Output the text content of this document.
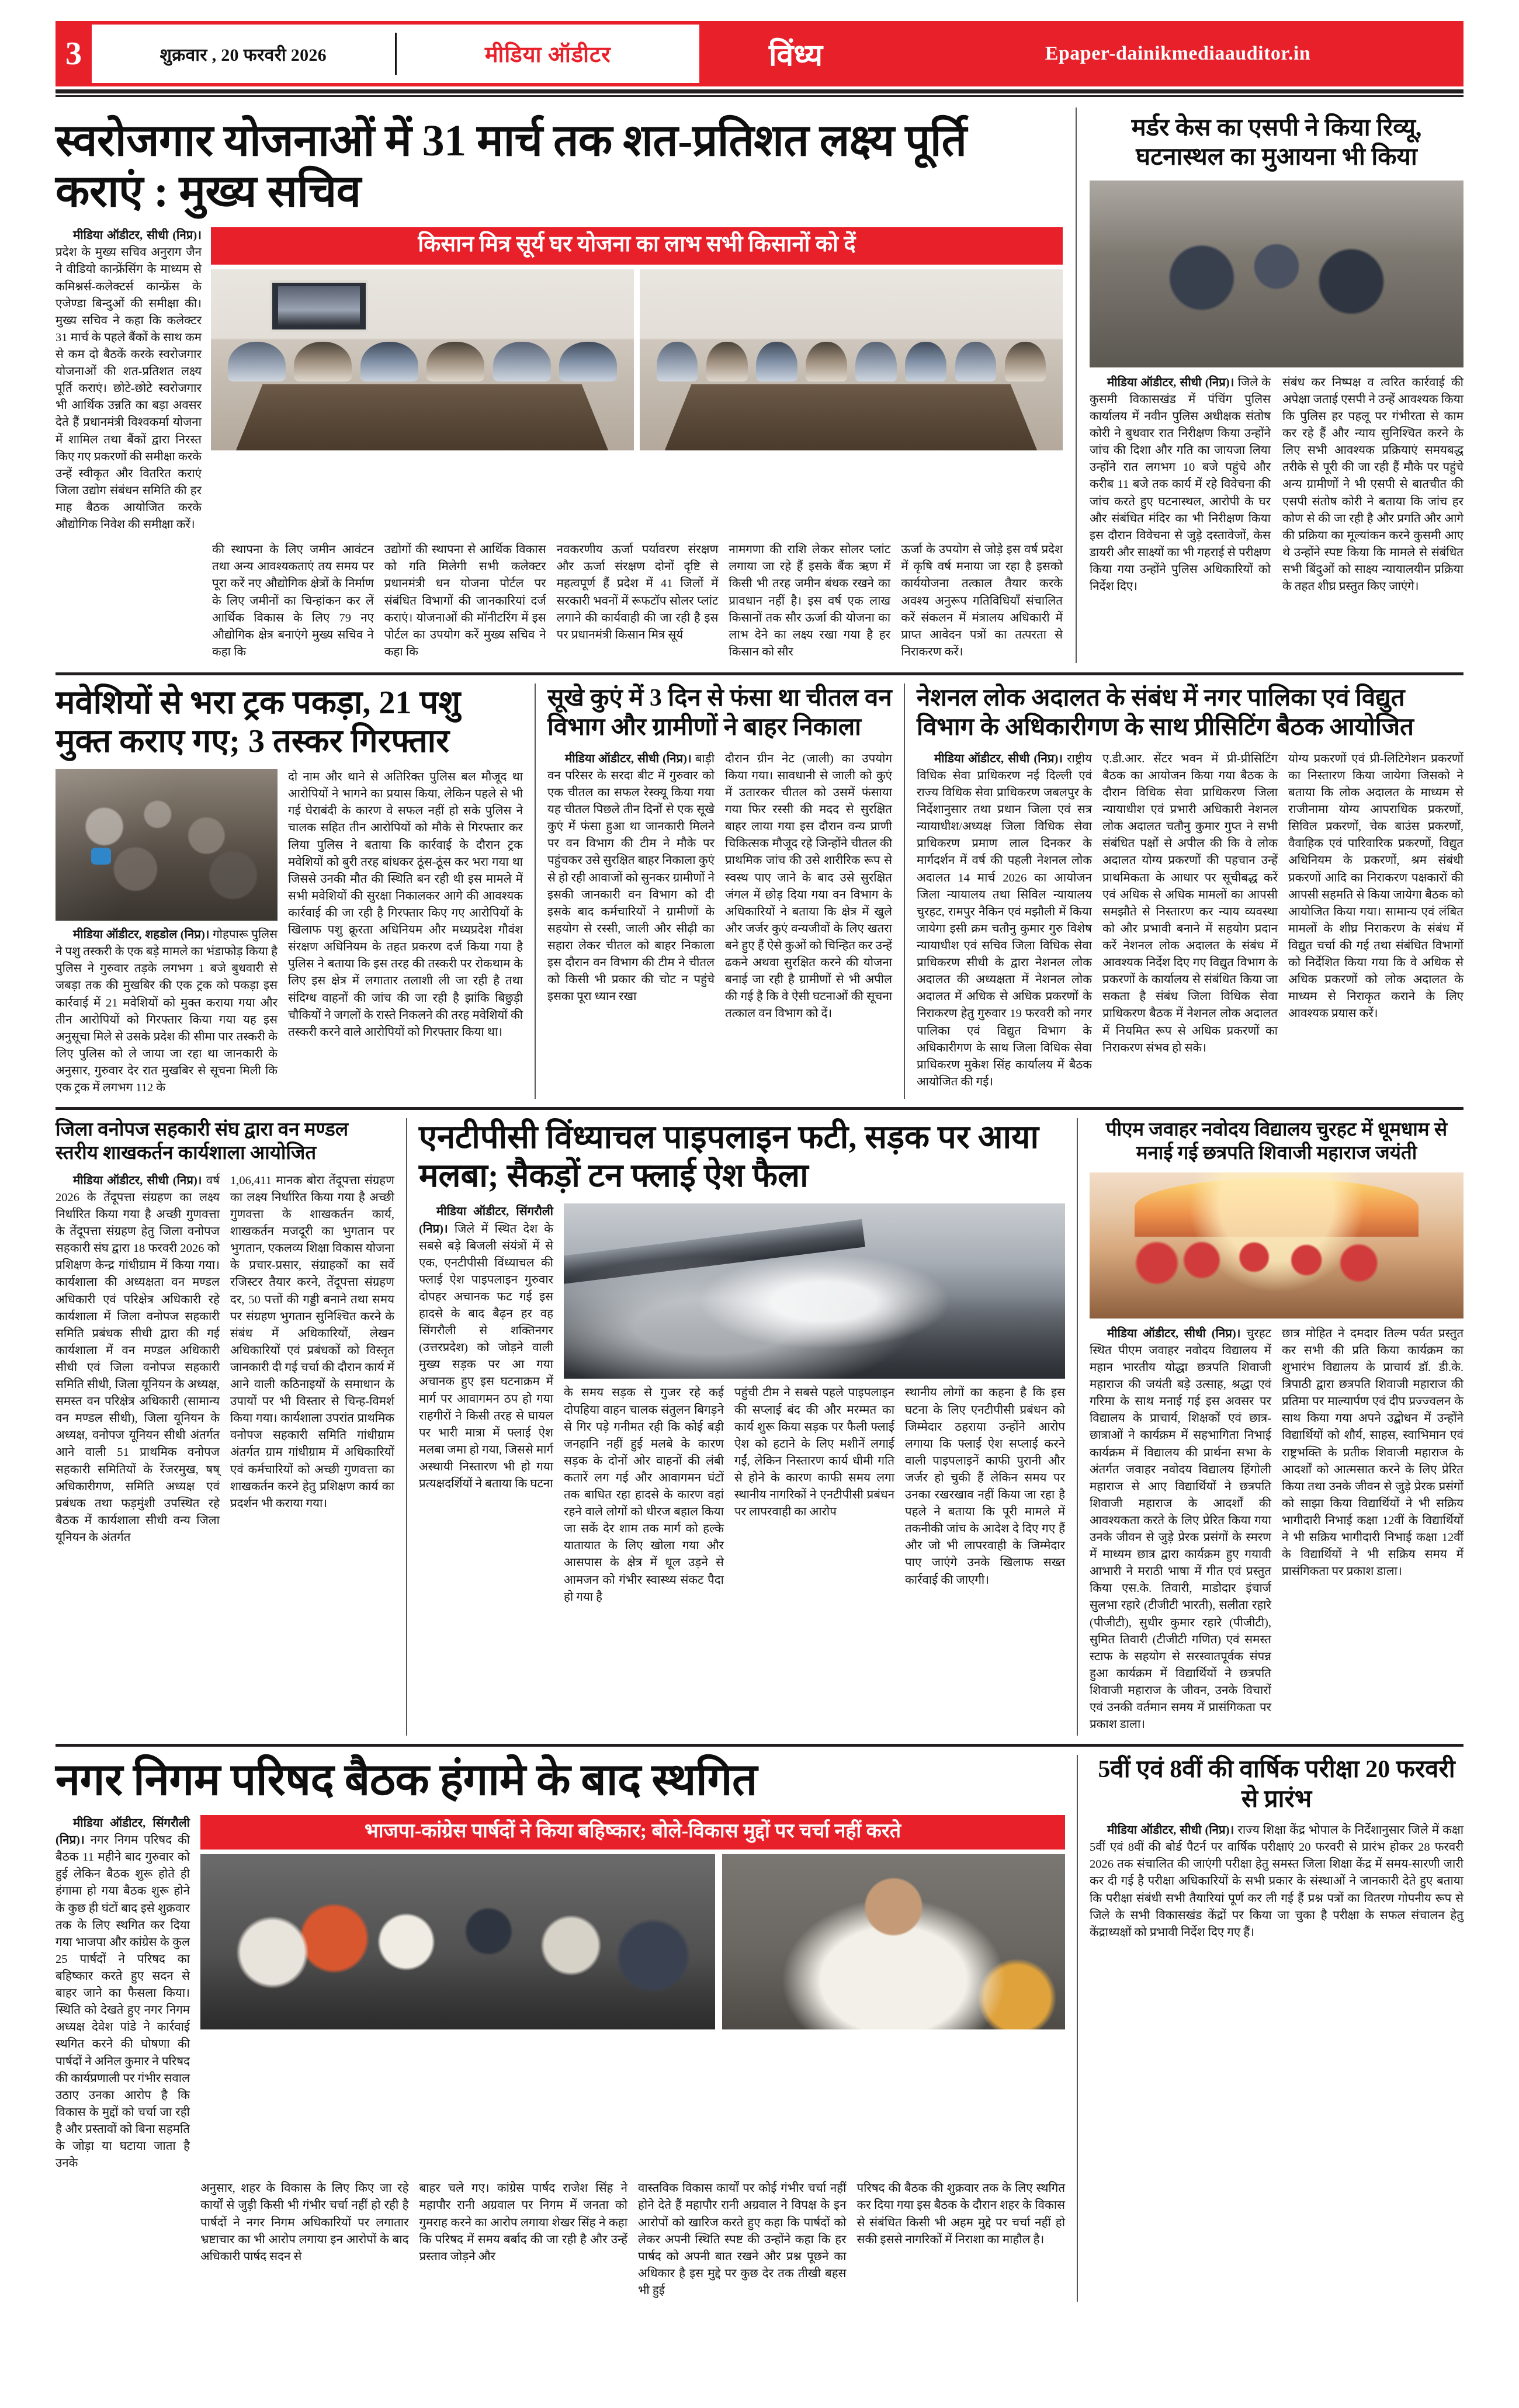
3	शुक्रवार , 20 फरवरी 2026	मीडिया ऑडीटर	विंध्य	Epaper-dainikmediaauditor.in
स्वरोजगार योजनाओं में 31 मार्च तक शत-प्रतिशत लक्ष्य पूर्ति कराएं : मुख्य सचिव

मीडिया ऑडीटर, सीधी (निप्र)। प्रदेश के मुख्य सचिव अनुराग जैन ने वीडियो कान्फ्रेंसिंग के माध्यम से कमिश्नर्स-कलेक्टर्स कान्फ्रेंस के एजेण्डा बिन्दुओं की समीक्षा की। मुख्य सचिव ने कहा कि कलेक्टर 31 मार्च के पहले बैंकों के साथ कम से कम दो बैठकें करके स्वरोजगार योजनाओं की शत-प्रतिशत लक्ष्य पूर्ति कराएं। छोटे-छोटे स्वरोजगार भी आर्थिक उन्नति का बड़ा अवसर देते हैं प्रधानमंत्री विश्वकर्मा योजना में शामिल तथा बैंकों द्वारा निरस्त किए गए प्रकरणों की समीक्षा करके उन्हें स्वीकृत और वितरित कराएं जिला उद्योग संबंधन समिति की हर माह बैठक आयोजित करके औद्योगिक निवेश की समीक्षा करें।

किसान मित्र सूर्य घर योजना का लाभ सभी किसानों को दें

की स्थापना के लिए जमीन आवंटन तथा अन्य आवश्यकताएं तय समय पर पूरा करें नए औद्योगिक क्षेत्रों के निर्माण के लिए जमीनों का चिन्हांकन कर लें आर्थिक विकास के लिए 79 नए औद्योगिक क्षेत्र बनाएंगे मुख्य सचिव ने कहा कि

उद्योगों की स्थापना से आर्थिक विकास को गति मिलेगी सभी कलेक्टर प्रधानमंत्री धन योजना पोर्टल पर संबंधित विभागों की जानकारियां दर्ज कराएं। योजनाओं की मॉनीटरिंग में इस पोर्टल का उपयोग करें मुख्य सचिव ने कहा कि

नवकरणीय ऊर्जा पर्यावरण संरक्षण और ऊर्जा संरक्षण दोनों दृष्टि से महत्वपूर्ण हैं प्रदेश में 41 जिलों में सरकारी भवनों में रूफटॉप सोलर प्लांट लगाने की कार्यवाही की जा रही है इस पर प्रधानमंत्री किसान मित्र सूर्य

नामगणा की राशि लेकर सोलर प्लांट लगाया जा रहे हैं इसके बैंक ऋण में किसी भी तरह जमीन बंधक रखने का प्रावधान नहीं है। इस वर्ष एक लाख किसानों तक सौर ऊर्जा की योजना का लाभ देने का लक्ष्य रखा गया है हर किसान को सौर

ऊर्जा के उपयोग से जोड़े इस वर्ष प्रदेश में कृषि वर्ष मनाया जा रहा है इसको कार्ययोजना तत्काल तैयार करके अवश्य अनुरूप गतिविधियाँ संचालित करें संकलन में मंत्रालय अधिकारी में प्राप्त आवेदन पत्रों का तत्परता से निराकरण करें।

मर्डर केस का एसपी ने किया रिव्यू, घटनास्थल का मुआयना भी किया

मीडिया ऑडीटर, सीधी (निप्र)। जिले के कुसमी विकासखंड में पंचिंग पुलिस कार्यालय में नवीन पुलिस अधीक्षक संतोष कोरी ने बुधवार रात निरीक्षण किया उन्होंने जांच की दिशा और गति का जायजा लिया उन्होंने रात लगभग 10 बजे पहुंचे और करीब 11 बजे तक कार्य में रहे विवेचना की जांच करते हुए घटनास्थल, आरोपी के घर और संबंधित मंदिर का भी निरीक्षण किया इस दौरान विवेचना से जुड़े दस्तावेजों, केस डायरी और साक्ष्यों का भी गहराई से परीक्षण किया गया उन्होंने पुलिस अधिकारियों को निर्देश दिए।

संबंध कर निष्पक्ष व त्वरित कार्रवाई की अपेक्षा जताई एसपी ने उन्हें आवश्यक किया कि पुलिस हर पहलू पर गंभीरता से काम कर रहे हैं और न्याय सुनिश्चित करने के लिए सभी आवश्यक प्रक्रियाएं समयबद्ध तरीके से पूरी की जा रही हैं मौके पर पहुंचे अन्य ग्रामीणों ने भी एसपी से बातचीत की एसपी संतोष कोरी ने बताया कि जांच हर कोण से की जा रही है और प्रगति और आगे की प्रक्रिया का मूल्यांकन करने कुसमी आए थे उन्होंने स्पष्ट किया कि मामले से संबंधित सभी बिंदुओं को साक्ष्य न्यायालयीन प्रक्रिया के तहत शीघ्र प्रस्तुत किए जाएंगे।

मवेशियों से भरा ट्रक पकड़ा, 21 पशु मुक्त कराए गए; 3 तस्कर गिरफ्तार

मीडिया ऑडीटर, शहडोल (निप्र)। गोहपारू पुलिस ने पशु तस्करी के एक बड़े मामले का भंडाफोड़ किया है पुलिस ने गुरुवार तड़के लगभग 1 बजे बुधवारी से जबड़ा तक की मुखबिर की एक ट्रक को पकड़ा इस कार्रवाई में 21 मवेशियों को मुक्त कराया गया और तीन आरोपियों को गिरफ्तार किया गया यह इस अनुसूचा मिले से उसके प्रदेश की सीमा पार तस्करी के लिए पुलिस को ले जाया जा रहा था जानकारी के अनुसार, गुरुवार देर रात मुखबिर से सूचना मिली कि एक ट्रक में लगभग 112 के

दो नाम और थाने से अतिरिक्त पुलिस बल मौजूद था आरोपियों ने भागने का प्रयास किया, लेकिन पहले से भी गई घेराबंदी के कारण वे सफल नहीं हो सके पुलिस ने चालक सहित तीन आरोपियों को मौके से गिरफ्तार कर लिया पुलिस ने बताया कि कार्रवाई के दौरान ट्रक मवेशियों को बुरी तरह बांधकर ठूंस-ठूंस कर भरा गया था जिससे उनकी मौत की स्थिति बन रही थी इस मामले में सभी मवेशियों की सुरक्षा निकालकर आगे की आवश्यक कार्रवाई की जा रही है गिरफ्तार किए गए आरोपियों के खिलाफ पशु क्रूरता अधिनियम और मध्यप्रदेश गौवंश संरक्षण अधिनियम के तहत प्रकरण दर्ज किया गया है पुलिस ने बताया कि इस तरह की तस्करी पर रोकथाम के लिए इस क्षेत्र में लगातार तलाशी ली जा रही है तथा संदिग्ध वाहनों की जांच की जा रही है झांकि बिछुड़ी चौकियों ने जगलों के रास्ते निकलने की तरह मवेशियों की तस्करी करने वाले आरोपियों को गिरफ्तार किया था।

सूखे कुएं में 3 दिन से फंसा था चीतल वन विभाग और ग्रामीणों ने बाहर निकाला

मीडिया ऑडीटर, सीधी (निप्र)। बाड़ी वन परिसर के सरदा बीट में गुरुवार को एक चीतल का सफल रेस्क्यू किया गया यह चीतल पिछले तीन दिनों से एक सूखे कुएं में फंसा हुआ था जानकारी मिलने पर वन विभाग की टीम ने मौके पर पहुंचकर उसे सुरक्षित बाहर निकाला कुएं से हो रही आवाजों को सुनकर ग्रामीणों ने इसकी जानकारी वन विभाग को दी इसके बाद कर्मचारियों ने ग्रामीणों के सहयोग से रस्सी, जाली और सीढ़ी का सहारा लेकर चीतल को बाहर निकाला इस दौरान वन विभाग की टीम ने चीतल को किसी भी प्रकार की चोट न पहुंचे इसका पूरा ध्यान रखा

दौरान ग्रीन नेट (जाली) का उपयोग किया गया। सावधानी से जाली को कुएं में उतारकर चीतल को उसमें फंसाया गया फिर रस्सी की मदद से सुरक्षित बाहर लाया गया इस दौरान वन्य प्राणी चिकित्सक मौजूद रहे जिन्होंने चीतल की प्राथमिक जांच की उसे शारीरिक रूप से स्वस्थ पाए जाने के बाद उसे सुरक्षित जंगल में छोड़ दिया गया वन विभाग के अधिकारियों ने बताया कि क्षेत्र में खुले और जर्जर कुएं वन्यजीवों के लिए खतरा बने हुए हैं ऐसे कुओं को चिन्हित कर उन्हें ढकने अथवा सुरक्षित करने की योजना बनाई जा रही है ग्रामीणों से भी अपील की गई है कि वे ऐसी घटनाओं की सूचना तत्काल वन विभाग को दें।

नेशनल लोक अदालत के संबंध में नगर पालिका एवं विद्युत विभाग के अधिकारीगण के साथ प्रीसिटिंग बैठक आयोजित

मीडिया ऑडीटर, सीधी (निप्र)। राष्ट्रीय विधिक सेवा प्राधिकरण नई दिल्ली एवं राज्य विधिक सेवा प्राधिकरण जबलपुर के निर्देशानुसार तथा प्रधान जिला एवं सत्र न्यायाधीश/अध्यक्ष जिला विधिक सेवा प्राधिकरण प्रमाण लाल दिनकर के मार्गदर्शन में वर्ष की पहली नेशनल लोक अदालत 14 मार्च 2026 का आयोजन जिला न्यायालय तथा सिविल न्यायालय चुरहट, रामपुर नैकिन एवं मझौली में किया जायेगा इसी क्रम चतौनु कुमार गुरु विशेष न्यायाधीश एवं सचिव जिला विधिक सेवा प्राधिकरण सीधी के द्वारा नेशनल लोक अदालत की अध्यक्षता में नेशनल लोक अदालत में अधिक से अधिक प्रकरणों के निराकरण हेतु गुरुवार 19 फरवरी को नगर पालिका एवं विद्युत विभाग के अधिकारीगण के साथ जिला विधिक सेवा प्राधिकरण मुकेश सिंह कार्यालय में बैठक आयोजित की गई।

ए.डी.आर. सेंटर भवन में प्री-प्रीसिटिंग बैठक का आयोजन किया गया बैठक के दौरान विधिक सेवा प्राधिकरण जिला न्यायाधीश एवं प्रभारी अधिकारी नेशनल लोक अदालत चतौनु कुमार गुप्त ने सभी संबंधित पक्षों से अपील की कि वे लोक अदालत योग्य प्रकरणों की पहचान उन्हें प्राथमिकता के आधार पर सूचीबद्ध करें एवं अधिक से अधिक मामलों का आपसी समझौते से निस्तारण कर न्याय व्यवस्था को और प्रभावी बनाने में सहयोग प्रदान करें नेशनल लोक अदालत के संबंध में आवश्यक निर्देश दिए गए विद्युत विभाग के प्रकरणों के कार्यालय से संबंधित किया जा सकता है संबंध जिला विधिक सेवा प्राधिकरण बैठक में नेशनल लोक अदालत में नियमित रूप से अधिक प्रकरणों का निराकरण संभव हो सके।

योग्य प्रकरणों एवं प्री-लिटिगेशन प्रकरणों का निस्तारण किया जायेगा जिसको ने बताया कि लोक अदालत के माध्यम से राजीनामा योग्य आपराधिक प्रकरणों, सिविल प्रकरणों, चेक बाउंस प्रकरणों, वैवाहिक एवं पारिवारिक प्रकरणों, विद्युत अधिनियम के प्रकरणों, श्रम संबंधी प्रकरणों आदि का निराकरण पक्षकारों की आपसी सहमति से किया जायेगा बैठक को आयोजित किया गया। सामान्य एवं लंबित मामलों के शीघ्र निराकरण के संबंध में विद्युत चर्चा की गई तथा संबंधित विभागों को निर्देशित किया गया कि वे अधिक से अधिक प्रकरणों को लोक अदालत के माध्यम से निराकृत कराने के लिए आवश्यक प्रयास करें।

जिला वनोपज सहकारी संघ द्वारा वन मण्डल स्तरीय शाखकर्तन कार्यशाला आयोजित

मीडिया ऑडीटर, सीधी (निप्र)। वर्ष 2026 के तेंदूपत्ता संग्रहण का लक्ष्य निर्धारित किया गया है अच्छी गुणवत्ता के तेंदूपत्ता संग्रहण हेतु जिला वनोपज सहकारी संघ द्वारा 18 फरवरी 2026 को प्रशिक्षण केन्द्र गांधीग्राम में किया गया। कार्यशाला की अध्यक्षता वन मण्डल अधिकारी एवं परिक्षेत्र अधिकारी रहे कार्यशाला में जिला वनोपज सहकारी समिति प्रबंधक सीधी द्वारा की गई कार्यशाला में वन मण्डल अधिकारी सीधी एवं जिला वनोपज सहकारी समिति सीधी, जिला यूनियन के अध्यक्ष, समस्त वन परिक्षेत्र अधिकारी (सामान्य वन मण्डल सीधी), जिला यूनियन के अध्यक्ष, वनोपज यूनियन सीधी अंतर्गत आने वाली 51 प्राथमिक वनोपज सहकारी समितियों के रेंजरमुख, षष् अधिकारीगण, समिति अध्यक्ष एवं प्रबंधक तथा फड़मुंशी उपस्थित रहे बैठक में कार्यशाला सीधी वन्य जिला यूनियन के अंतर्गत

1,06,411 मानक बोरा तेंदूपत्ता संग्रहण का लक्ष्य निर्धारित किया गया है अच्छी गुणवत्ता के शाखकर्तन कार्य, शाखकर्तन मजदूरी का भुगतान पर भुगतान, एकलव्य शिक्षा विकास योजना के प्रचार-प्रसार, संग्राहकों का सर्वे रजिस्टर तैयार करने, तेंदूपत्ता संग्रहण दर, 50 पत्तों की गड्डी बनाने तथा समय पर संग्रहण भुगतान सुनिश्चित करने के संबंध में अधिकारियों, लेखन अधिकारियों एवं प्रबंधकों को विस्तृत जानकारी दी गई चर्चा की दौरान कार्य में आने वाली कठिनाइयों के समाधान के उपायों पर भी विस्तार से चिन्ह-विमर्श किया गया। कार्यशाला उपरांत प्राथमिक वनोपज सहकारी समिति गांधीग्राम अंतर्गत ग्राम गांधीग्राम में अधिकारियों एवं कर्मचारियों को अच्छी गुणवत्ता का शाखकर्तन करने हेतु प्रशिक्षण कार्य का प्रदर्शन भी कराया गया।

एनटीपीसी विंध्याचल पाइपलाइन फटी, सड़क पर आया मलबा; सैकड़ों टन फ्लाई ऐश फैला

मीडिया ऑडीटर, सिंगरौली (निप्र)। जिले में स्थित देश के सबसे बड़े बिजली संयंत्रों में से एक, एनटीपीसी विंध्याचल की फ्लाई ऐश पाइपलाइन गुरुवार दोपहर अचानक फट गई इस हादसे के बाद बैढ़न हर वह सिंगरौली से शक्तिनगर (उत्तरप्रदेश) को जोड़ने वाली मुख्य सड़क पर आ गया अचानक हुए इस घटनाक्रम में मार्ग पर आवागमन ठप हो गया राहगीरों ने किसी तरह से घायल पर भारी मात्रा में फ्लाई ऐश मलबा जमा हो गया, जिससे मार्ग अस्थायी निस्तारण भी हो गया प्रत्यक्षदर्शियों ने बताया कि घटना

के समय सड़क से गुजर रहे कई दोपहिया वाहन चालक संतुलन बिगड़ने से गिर पड़े गनीमत रही कि कोई बड़ी जनहानि नहीं हुई मलबे के कारण सड़क के दोनों ओर वाहनों की लंबी कतारें लग गई और आवागमन घंटों तक बाधित रहा हादसे के कारण वहां रहने वाले लोगों को धीरज बहाल किया जा सकें देर शाम तक मार्ग को हल्के यातायात के लिए खोला गया और आसपास के क्षेत्र में धूल उड़ने से आमजन को गंभीर स्वास्थ्य संकट पैदा हो गया है

पहुंची टीम ने सबसे पहले पाइपलाइन की सप्लाई बंद की और मरम्मत का कार्य शुरू किया सड़क पर फैली फ्लाई ऐश को हटाने के लिए मशीनें लगाई गईं, लेकिन निस्तारण कार्य धीमी गति से होने के कारण काफी समय लगा स्थानीय नागरिकों ने एनटीपीसी प्रबंधन पर लापरवाही का आरोप

स्थानीय लोगों का कहना है कि इस घटना के लिए एनटीपीसी प्रबंधन को जिम्मेदार ठहराया उन्होंने आरोप लगाया कि फ्लाई ऐश सप्लाई करने वाली पाइपलाइनें काफी पुरानी और जर्जर हो चुकी हैं लेकिन समय पर उनका रखरखाव नहीं किया जा रहा है पहले ने बताया कि पूरी मामले में तकनीकी जांच के आदेश दे दिए गए हैं और जो भी लापरवाही के जिम्मेदार पाए जाएंगे उनके खिलाफ सख्त कार्रवाई की जाएगी।

पीएम जवाहर नवोदय विद्यालय चुरहट में धूमधाम से मनाई गई छत्रपति शिवाजी महाराज जयंती

मीडिया ऑडीटर, सीधी (निप्र)। चुरहट स्थित पीएम जवाहर नवोदय विद्यालय में महान भारतीय योद्धा छत्रपति शिवाजी महाराज की जयंती बड़े उत्साह, श्रद्धा एवं गरिमा के साथ मनाई गई इस अवसर पर विद्यालय के प्राचार्य, शिक्षकों एवं छात्र-छात्राओं ने कार्यक्रम में सहभागिता निभाई कार्यक्रम में विद्यालय की प्रार्थना सभा के अंतर्गत जवाहर नवोदय विद्यालय हिंगोली महाराज से आए विद्यार्थियों ने छत्रपति शिवाजी महाराज के आदर्शों की आवश्यकता करते के लिए प्रेरित किया गया उनके जीवन से जुड़े प्रेरक प्रसंगों के स्मरण में माध्यम छात्र द्वारा कार्यक्रम हुए गयावी आभारी ने मराठी भाषा में गीत एवं प्रस्तुत किया एस.के. तिवारी, माडोदार इंचार्ज सुलभा रहारे (टीजीटी भारती), सलीता रहारे (पीजीटी), सुधीर कुमार रहारे (पीजीटी), सुमित तिवारी (टीजीटी गणित) एवं समस्त स्टाफ के सहयोग से सरस्वातपूर्वक संपन्न हुआ कार्यक्रम में विद्यार्थियों ने छत्रपति शिवाजी महाराज के जीवन, उनके विचारों एवं उनकी वर्तमान समय में प्रासंगिकता पर प्रकाश डाला।

छात्र मोहित ने दमदार तिल्म पर्वत प्रस्तुत कर सभी की प्रति किया कार्यक्रम का शुभारंभ विद्यालय के प्राचार्य डॉ. डी.के. त्रिपाठी द्वारा छत्रपति शिवाजी महाराज की प्रतिमा पर माल्यार्पण एवं दीप प्रज्ज्वलन के साथ किया गया अपने उद्बोधन में उन्होंने विद्यार्थियों को शौर्य, साहस, स्वाभिमान एवं राष्ट्रभक्ति के प्रतीक शिवाजी महाराज के आदर्शों को आत्मसात करने के लिए प्रेरित किया तथा उनके जीवन से जुड़े प्रेरक प्रसंगों को साझा किया विद्यार्थियों ने भी सक्रिय भागीदारी निभाई कक्षा 12वीं के विद्यार्थियों ने भी सक्रिय भागीदारी निभाई कक्षा 12वीं के विद्यार्थियों ने भी सक्रिय समय में प्रासंगिकता पर प्रकाश डाला।

नगर निगम परिषद बैठक हंगामे के बाद स्थगित

मीडिया ऑडीटर, सिंगरौली (निप्र)। नगर निगम परिषद की बैठक 11 महीने बाद गुरुवार को हुई लेकिन बैठक शुरू होते ही हंगामा हो गया बैठक शुरू होने के कुछ ही घंटों बाद इसे शुक्रवार तक के लिए स्थगित कर दिया गया भाजपा और कांग्रेस के कुल 25 पार्षदों ने परिषद का बहिष्कार करते हुए सदन से बाहर जाने का फैसला किया। स्थिति को देखते हुए नगर निगम अध्यक्ष देवेश पांडे ने कार्रवाई स्थगित करने की घोषणा की पार्षदों ने अनिल कुमार ने परिषद की कार्यप्रणाली पर गंभीर सवाल उठाए उनका आरोप है कि विकास के मुद्दों को चर्चा जा रही है और प्रस्तावों को बिना सहमति के जोड़ा या घटाया जाता है उनके

भाजपा-कांग्रेस पार्षदों ने किया बहिष्कार; बोले-विकास मुद्दों पर चर्चा नहीं करते

अनुसार, शहर के विकास के लिए किए जा रहे कार्यों से जुड़ी किसी भी गंभीर चर्चा नहीं हो रही है पार्षदों ने नगर निगम अधिकारियों पर लगातार भ्रष्टाचार का भी आरोप लगाया इन आरोपों के बाद अधिकारी पार्षद सदन से

बाहर चले गए। कांग्रेस पार्षद राजेश सिंह ने महापौर रानी अग्रवाल पर निगम में जनता को गुमराह करने का आरोप लगाया शेखर सिंह ने कहा कि परिषद में समय बर्बाद की जा रही है और उन्हें प्रस्ताव जोड़ने और

वास्तविक विकास कार्यों पर कोई गंभीर चर्चा नहीं होने देते हैं महापौर रानी अग्रवाल ने विपक्ष के इन आरोपों को खारिज करते हुए कहा कि पार्षदों को लेकर अपनी स्थिति स्पष्ट की उन्होंने कहा कि हर पार्षद को अपनी बात रखने और प्रश्न पूछने का अधिकार है इस मुद्दे पर कुछ देर तक तीखी बहस भी हुई

परिषद की बैठक की शुक्रवार तक के लिए स्थगित कर दिया गया इस बैठक के दौरान शहर के विकास से संबंधित किसी भी अहम मुद्दे पर चर्चा नहीं हो सकी इससे नागरिकों में निराशा का माहौल है।

5वीं एवं 8वीं की वार्षिक परीक्षा 20 फरवरी से प्रारंभ

मीडिया ऑडीटर, सीधी (निप्र)। राज्य शिक्षा केंद्र भोपाल के निर्देशानुसार जिले में कक्षा 5वीं एवं 8वीं की बोर्ड पैटर्न पर वार्षिक परीक्षाएं 20 फरवरी से प्रारंभ होकर 28 फरवरी 2026 तक संचालित की जाएंगी परीक्षा हेतु समस्त जिला शिक्षा केंद्र में समय-सारणी जारी कर दी गई है परीक्षा अधिकारियों के सभी प्रकार के संस्थाओं ने जानकारी देते हुए बताया कि परीक्षा संबंधी सभी तैयारियां पूर्ण कर ली गई हैं प्रश्न पत्रों का वितरण गोपनीय रूप से जिले के सभी विकासखंड केंद्रों पर किया जा चुका है परीक्षा के सफल संचालन हेतु केंद्राध्यक्षों को प्रभावी निर्देश दिए गए हैं।
